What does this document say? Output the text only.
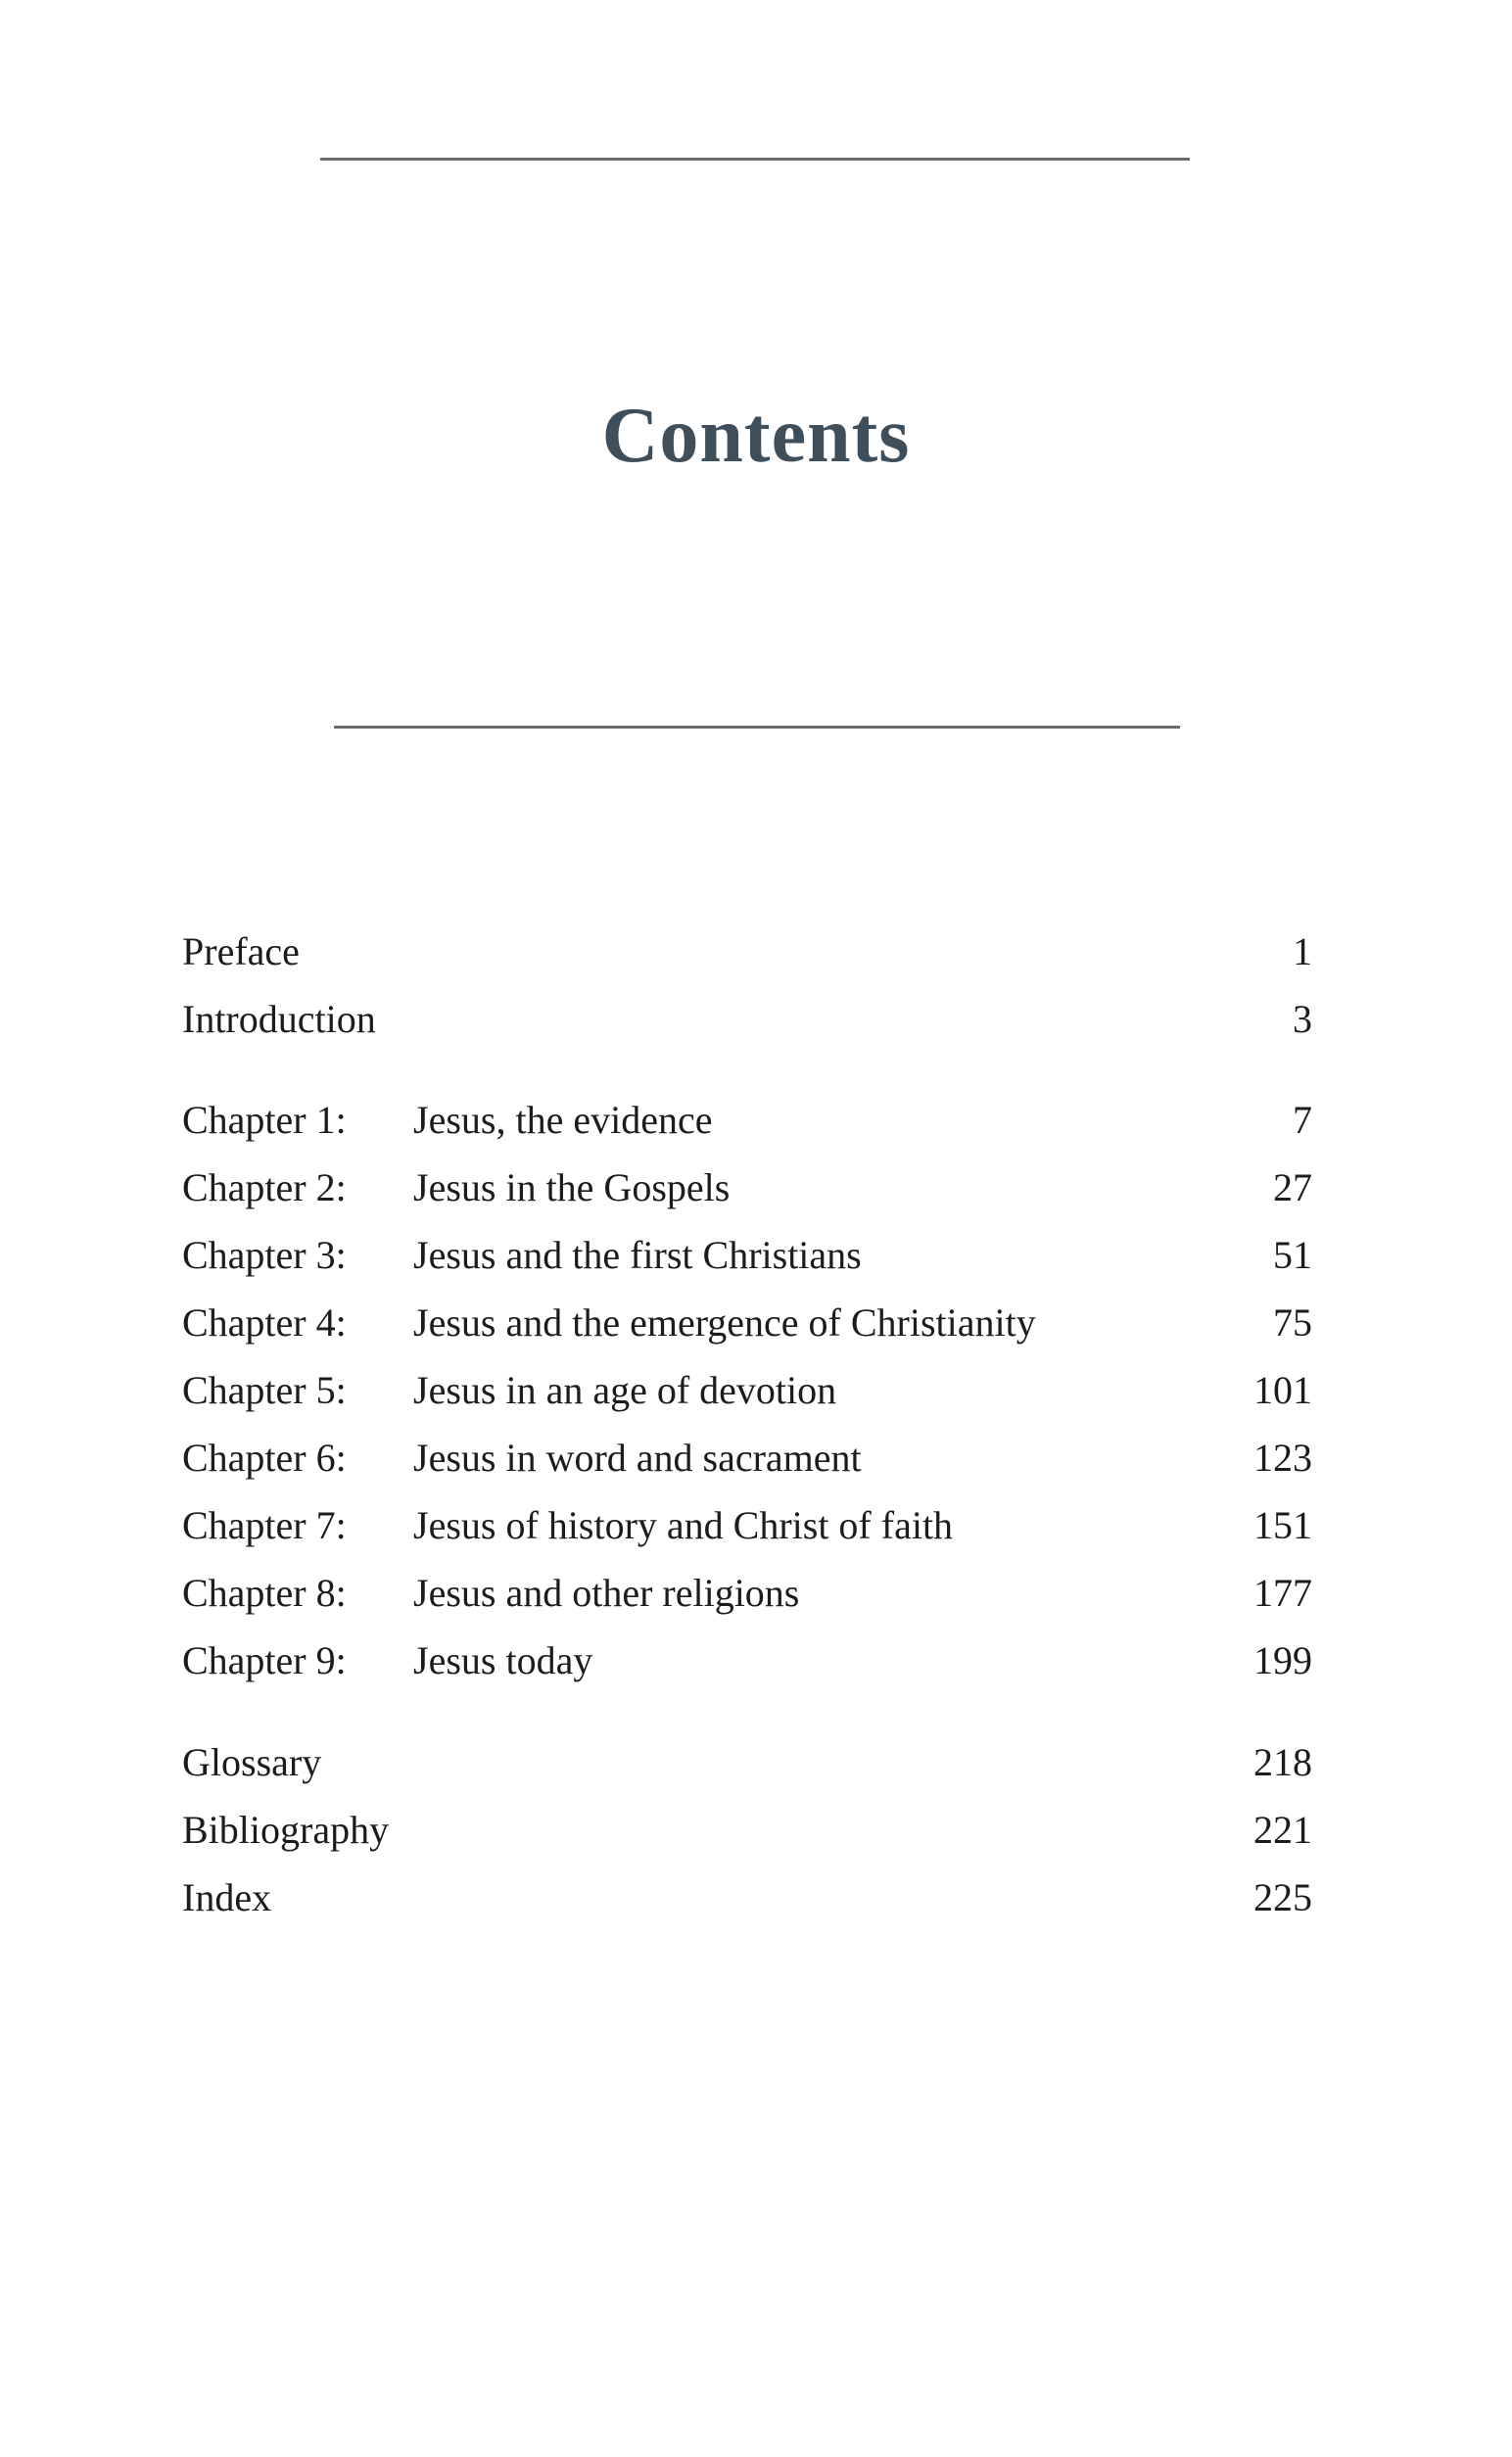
Contents
Preface	1
Introduction	3
Chapter 1: Jesus, the evidence	7
Chapter 2: Jesus in the Gospels	27
Chapter 3: Jesus and the first Christians	51
Chapter 4: Jesus and the emergence of Christianity	75
Chapter 5: Jesus in an age of devotion	101
Chapter 6: Jesus in word and sacrament	123
Chapter 7: Jesus of history and Christ of faith	151
Chapter 8: Jesus and other religions	177
Chapter 9: Jesus today	199
Glossary	218
Bibliography	221
Index	225
